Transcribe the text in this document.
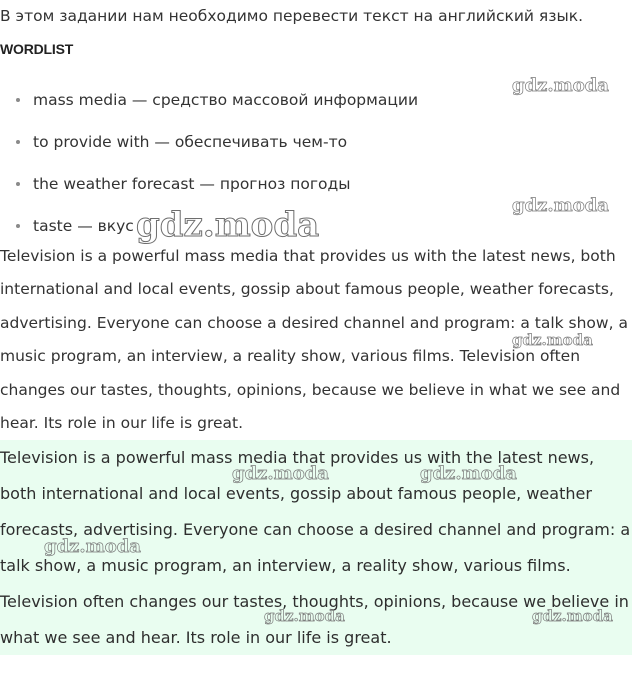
В этом задании нам необходимо перевести текст на английский язык.
WORDLIST
mass media — средство массовой информации
to provide with — обеспечивать чем-то
the weather forecast — прогноз погоды
taste — вкус

Television is a powerful mass media that provides us with the latest news, both international and local events, gossip about famous people, weather forecasts, advertising. Everyone can choose a desired channel and program: a talk show, a music program, an interview, a reality show, various films. Television often changes our tastes, thoughts, opinions, because we believe in what we see and hear. Its role in our life is great.

Television is a powerful mass media that provides us with the latest news, both international and local events, gossip about famous people, weather forecasts, advertising. Everyone can choose a desired channel and program: a talk show, a music program, an interview, a reality show, various films.

Television often changes our tastes, thoughts, opinions, because we believe in what we see and hear. Its role in our life is great.

gdz.moda
gdz.moda
gdz.moda
gdz.moda
